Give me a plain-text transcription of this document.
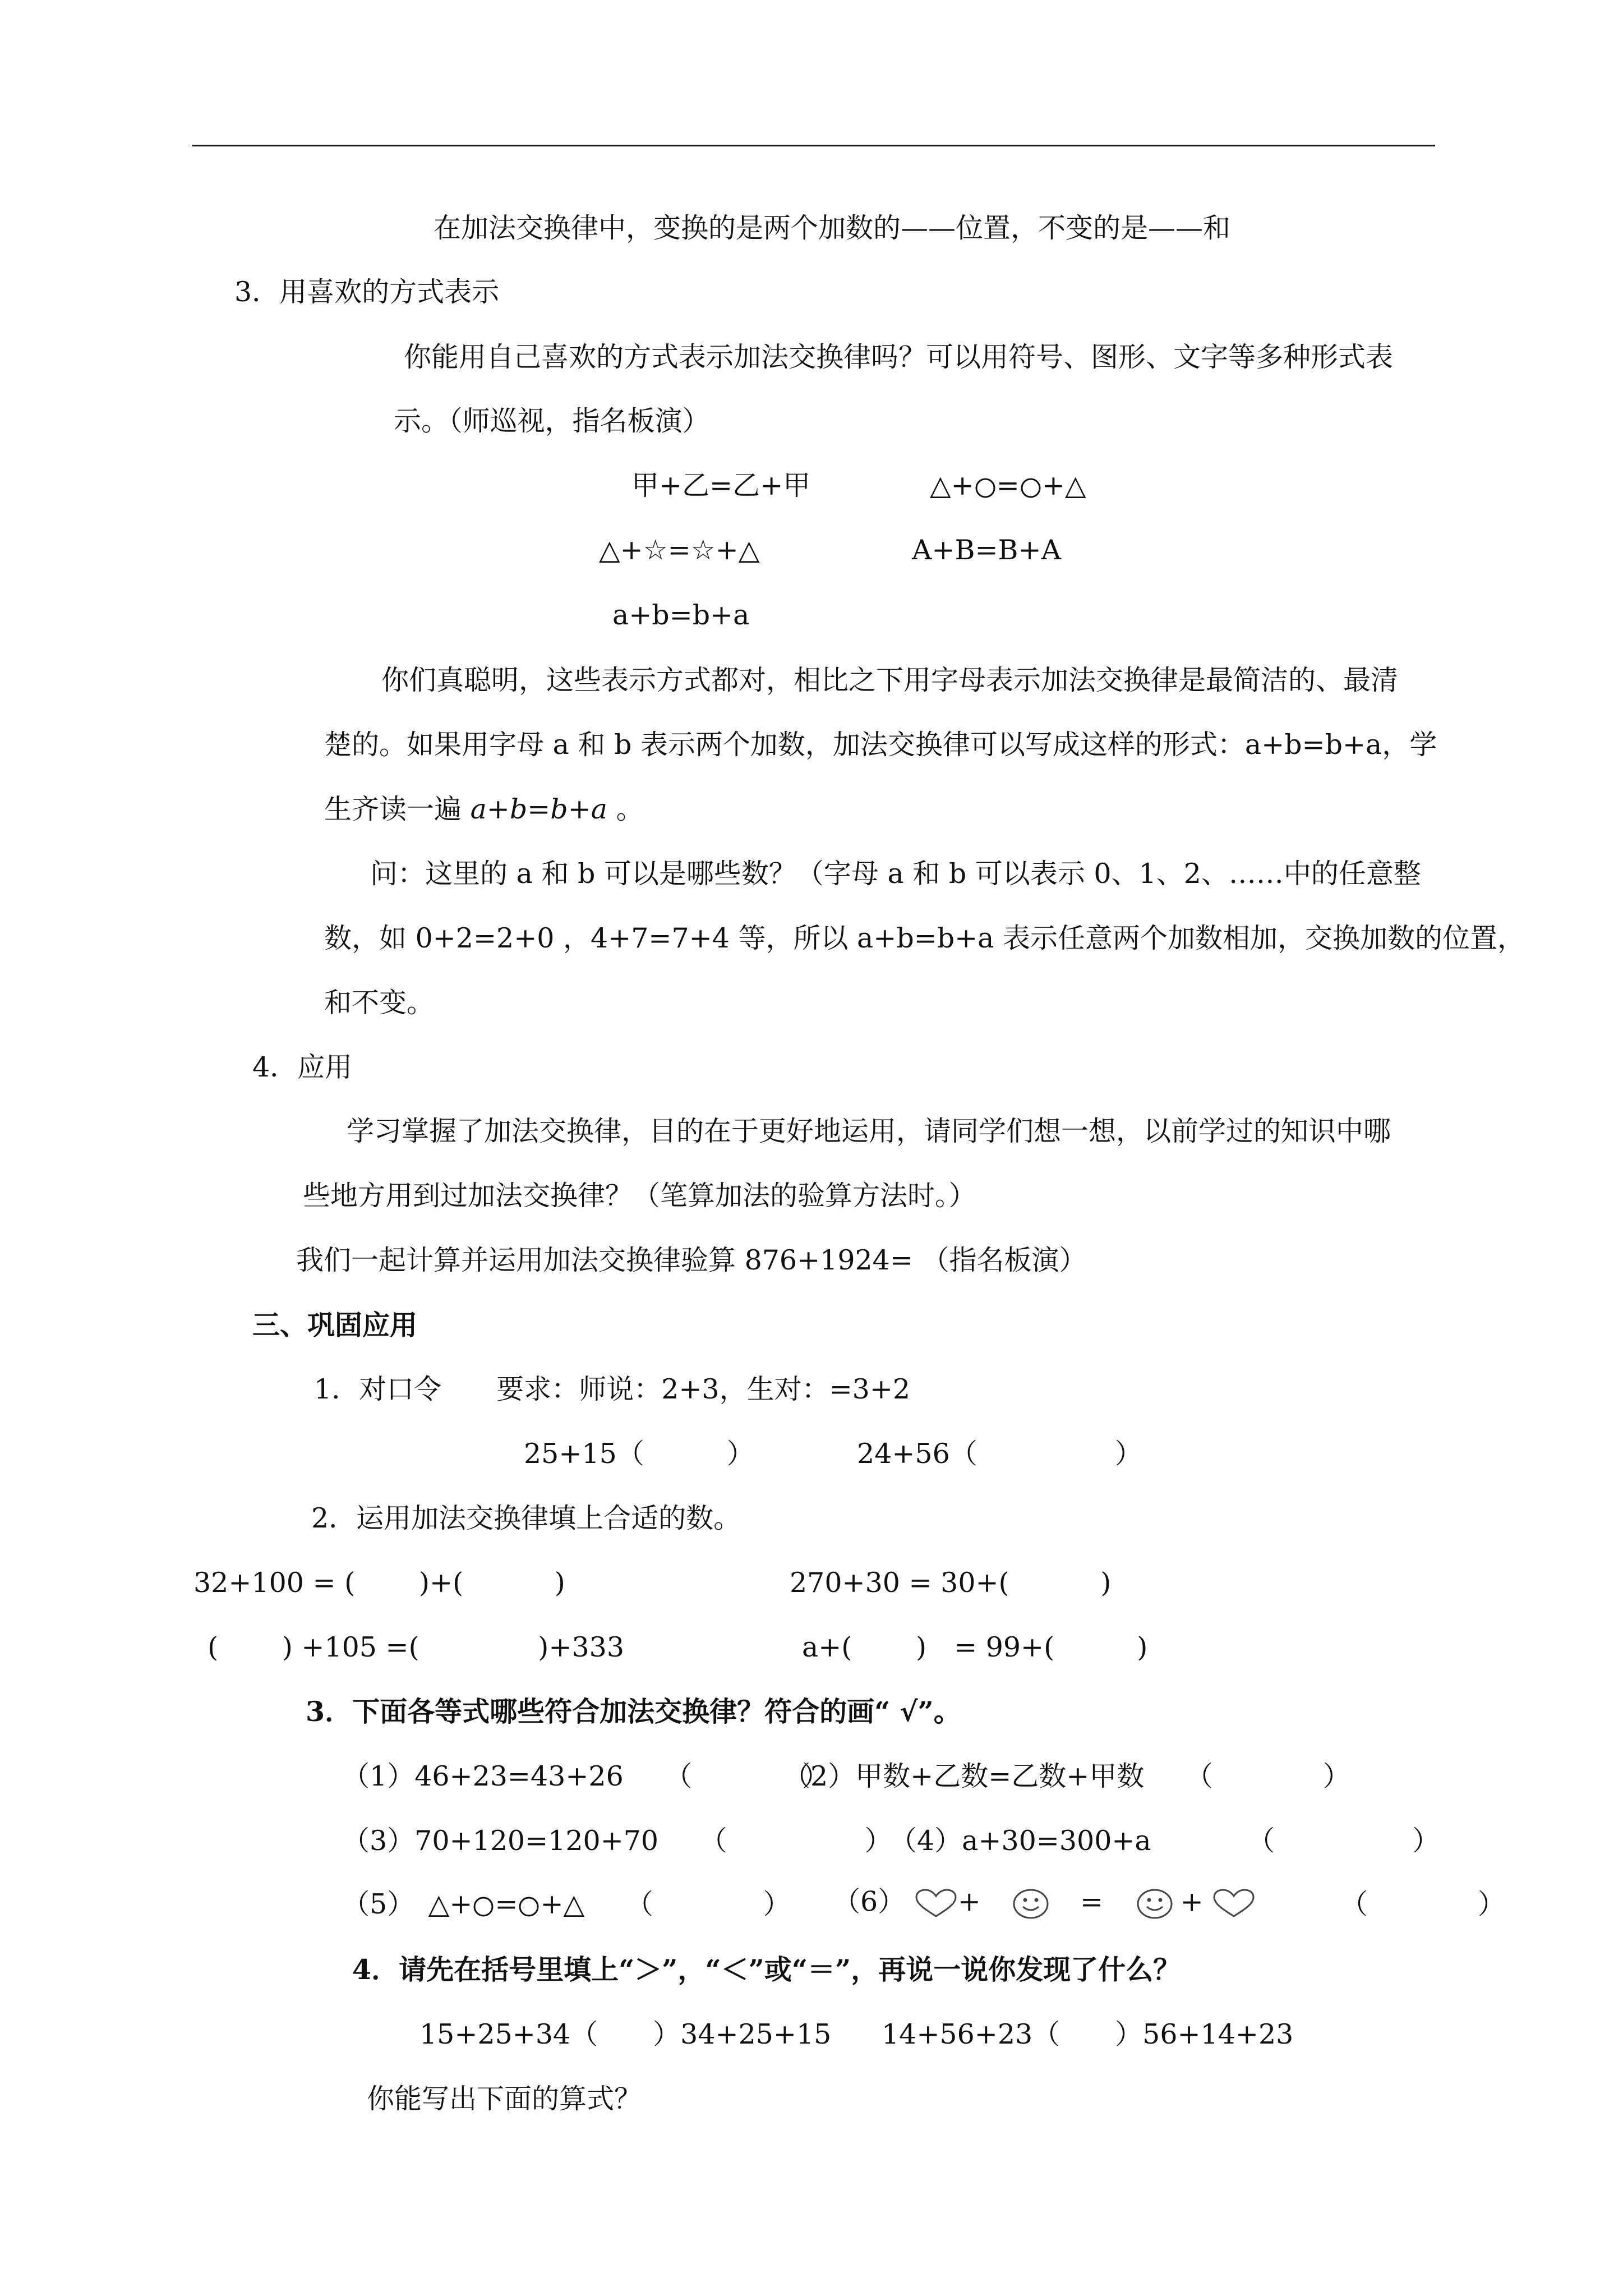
在加法交换律中，变换的是两个加数的——位置，不变的是——和
3．用喜欢的方式表示
你能用自己喜欢的方式表示加法交换律吗？可以用符号、图形、文字等多种形式表
示。（师巡视，指名板演）
甲+乙=乙+甲	△+ = +△
△+☆=☆+△	A+B=B+A
a+b=b+a
你们真聪明，这些表示方式都对，相比之下用字母表示加法交换律是最简洁的、最清
楚的。如果用字母 a 和 b 表示两个加数，加法交换律可以写成这样的形式：a+b=b+a，学
生齐读一遍 a+b=b+a 。
问：这里的 a 和 b 可以是哪些数？（字母 a 和 b 可以表示 0、1、2、……中的任意整
数，如 0+2=2+0 ，4+7=7+4 等，所以 a+b=b+a 表示任意两个加数相加，交换加数的位置，
和不变。
4．应用
学习掌握了加法交换律，目的在于更好地运用，请同学们想一想，以前学过的知识中哪
些地方用到过加法交换律？（笔算加法的验算方法时。）
我们一起计算并运用加法交换律验算 876+1924= （指名板演）
三、巩固应用
1．对口令　　要求：师说：2+3，生对：=3+2
25+15（　　　）	24+56（　　　　　）
2．运用加法交换律填上合适的数。
32+100 = (　　 )+(　　　 )	270+30 = 30+(　　　 )
(　　 ) +105 =(　　　　 )+333	a+(　　 )　= 99+(　　　)
3．下面各等式哪些符合加法交换律？符合的画“ √”。
（1）46+23=43+26　　（　　　　）
（2）甲数+乙数=乙数+甲数　　（　　　　）
（3）70+120=120+70　　（　　　　　）
（4）a+30=300+a　　　　（　　　　　）
（5）　△+ = +△　　（　　　　） （6） +	=	+	（　　　　）
4．请先在括号里填上“＞”，“＜”或“＝”，再说一说你发现了什么？
15+25+34（　　）34+25+15 14+56+23（　　）56+14+23
你能写出下面的算式？
